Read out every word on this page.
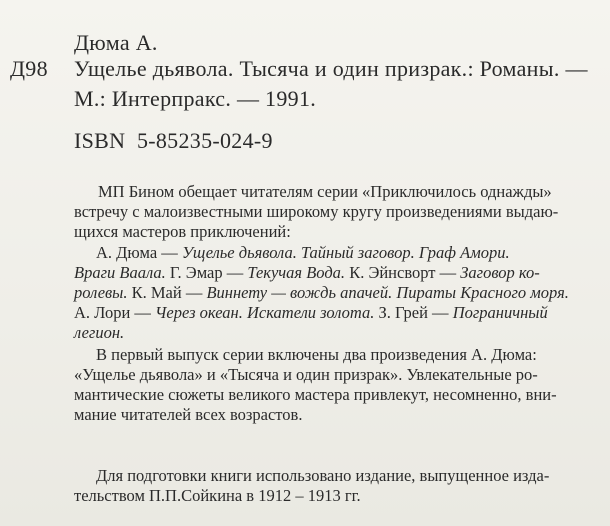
Дюма А.
Д98 Ущелье дьявола. Тысяча и один призрак.: Романы. —
М.: Интерпракс. — 1991.
ISBN 5-85235-024-9
МП Бином обещает читателям серии «Приключилось однажды»
встречу с малоизвестными широкому кругу произведениями выдаю-
щихся мастеров приключений:
А. Дюма — Ущелье дьявола. Тайный заговор. Граф Амори.
Враги Ваала. Г. Эмар — Текучая Вода. К. Эйнсворт — Заговор ко-
ролевы. К. Май — Виннету — вождь апачей. Пираты Красного моря.
А. Лори — Через океан. Искатели золота. З. Грей — Пограничный
легион.
В первый выпуск серии включены два произведения А. Дюма:
«Ущелье дьявола» и «Тысяча и один призрак». Увлекательные ро-
мантические сюжеты великого мастера привлекут, несомненно, вни-
мание читателей всех возрастов.
Для подготовки книги использовано издание, выпущенное изда-
тельством П.П.Сойкина в 1912 – 1913 гг.
